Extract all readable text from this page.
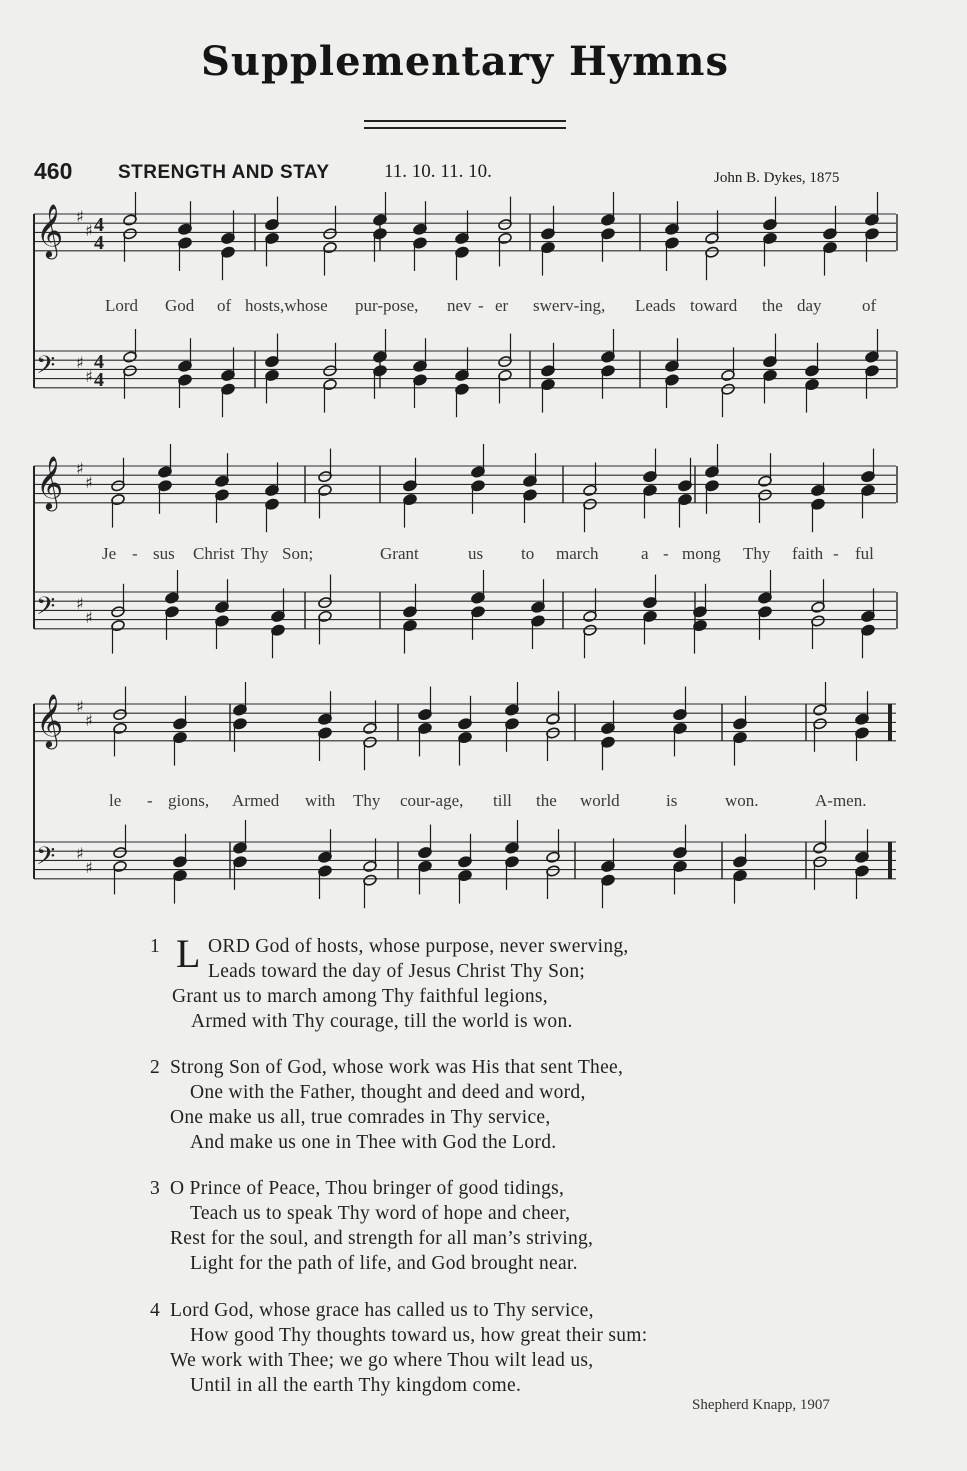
Supplementary Hymns
460 STRENGTH AND STAY	11. 10. 11. 10.	John B. Dykes, 1875
𝄞 ♯
♯ 4
4
𝄢 ♯
♯
4
4
𝄞 ♯
♯
𝄢 ♯
♯
𝄞 ♯
♯
𝄢 ♯
♯
Lord God of hosts,whose pur-pose, nev - er swerv-ing, Leads toward the day of
Je - sus Christ Thy Son;	Grant	us to march	a - mong Thy faith - ful
le - gions, Armed with Thy cour-age, till the world	is	won.	A-men.
1 L ORD God of hosts, whose purpose, never swerving,
Leads toward the day of Jesus Christ Thy Son;
Grant us to march among Thy faithful legions,
Armed with Thy courage, till the world is won.
2 Strong Son of God, whose work was His that sent Thee,
One with the Father, thought and deed and word,
One make us all, true comrades in Thy service,
And make us one in Thee with God the Lord.
3 O Prince of Peace, Thou bringer of good tidings,
Teach us to speak Thy word of hope and cheer,
Rest for the soul, and strength for all man’s striving,
Light for the path of life, and God brought near.
4 Lord God, whose grace has called us to Thy service,
How good Thy thoughts toward us, how great their sum:
We work with Thee; we go where Thou wilt lead us,
Until in all the earth Thy kingdom come.
Shepherd Knapp, 1907
